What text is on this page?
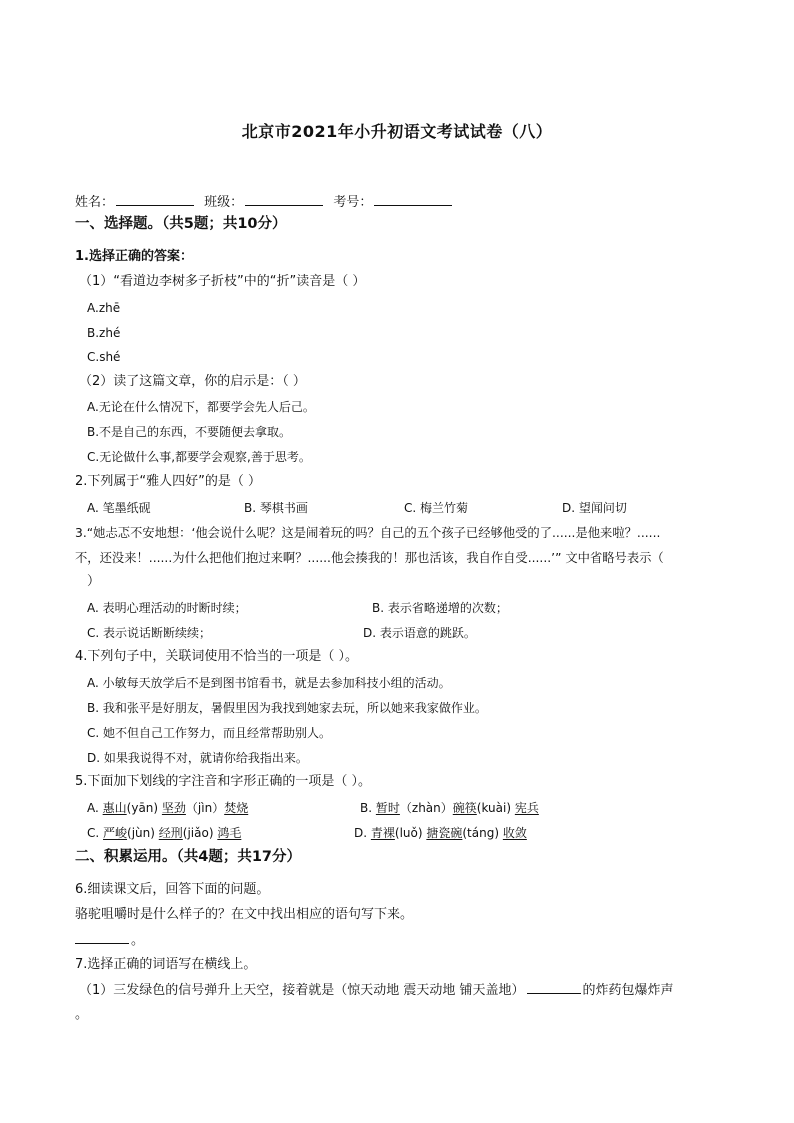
北京市2021年小升初语文考试试卷（八）
姓名：	班级：	考号：
一、选择题。（共5题；共10分）
1.选择正确的答案：
（1）“看道边李树多子折枝”中的“折”读音是（ ）
A.zhē
B.zhé
C.shé
（2）读了这篇文章，你的启示是：（ ）
A.无论在什么情况下，都要学会先人后己。
B.不是自己的东西，不要随便去拿取。
C.无论做什么事,都要学会观察,善于思考。
2.下列属于“雅人四好”的是（ ）
A. 笔墨纸砚	B. 琴棋书画	C. 梅兰竹菊	D. 望闻问切
3.“她忐忑不安地想：‘他会说什么呢？这是闹着玩的吗？自己的五个孩子已经够他受的了......是他来啦？......
不，还没来！......为什么把他们抱过来啊？......他会揍我的！那也活该，我自作自受......’” 文中省略号表示（
）
A. 表明心理活动的时断时续；	B. 表示省略递增的次数；
C. 表示说话断断续续；	D. 表示语意的跳跃。
4.下列句子中，关联词使用不恰当的一项是（ ）。
A. 小敏每天放学后不是到图书馆看书，就是去参加科技小组的活动。
B. 我和张平是好朋友，暑假里因为我找到她家去玩，所以她来我家做作业。
C. 她不但自己工作努力，而且经常帮助别人。
D. 如果我说得不对，就请你给我指出来。
5.下面加下划线的字注音和字形正确的一项是（ ）。
A. 惠山(yān) 坚劲（jìn）焚烧	B. 暂时（zhàn）碗筷(kuài) 宪兵
C. 严峻(jùn) 经刑(jiǎo) 鸿毛	D. 青裸(luǒ) 搪瓷碗(táng) 收敛
二、积累运用。（共4题；共17分）
6.细读课文后，回答下面的问题。
骆驼咀嚼时是什么样子的？在文中找出相应的语句写下来。
。
7.选择正确的词语写在横线上。
（1）三发绿色的信号弹升上天空，接着就是（惊天动地 震天动地 铺天盖地）	的炸药包爆炸声
。
